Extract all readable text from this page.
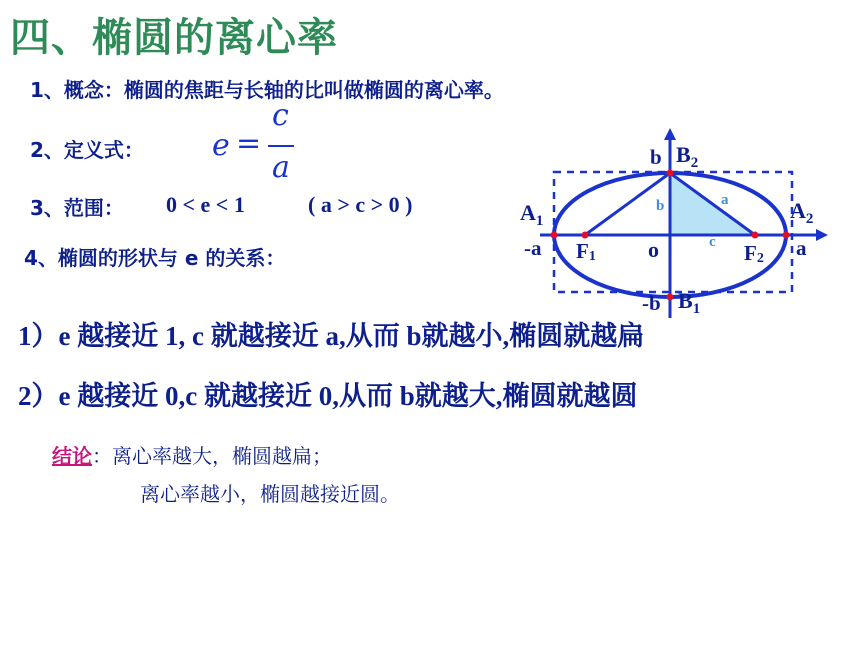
四、椭圆的离心率
1、概念：椭圆的焦距与长轴的比叫做椭圆的离心率。
2、定义式： e =
c
a
3、范围： 0 < e < 1	( a > c > 0 )
4、椭圆的形状与 e 的关系：
$A_1$	$A_2$
$B_2$
$B_1$
F1	F2
o
-a	a
b
-b
b	a
c
1）e 越接近 1, c 就越接近 a,从而 b就越小,椭圆就越扁
2）e 越接近 0,c 就越接近 0,从而 b就越大,椭圆就越圆
结论：离心率越大，椭圆越扁；
离心率越小，椭圆越接近圆。
